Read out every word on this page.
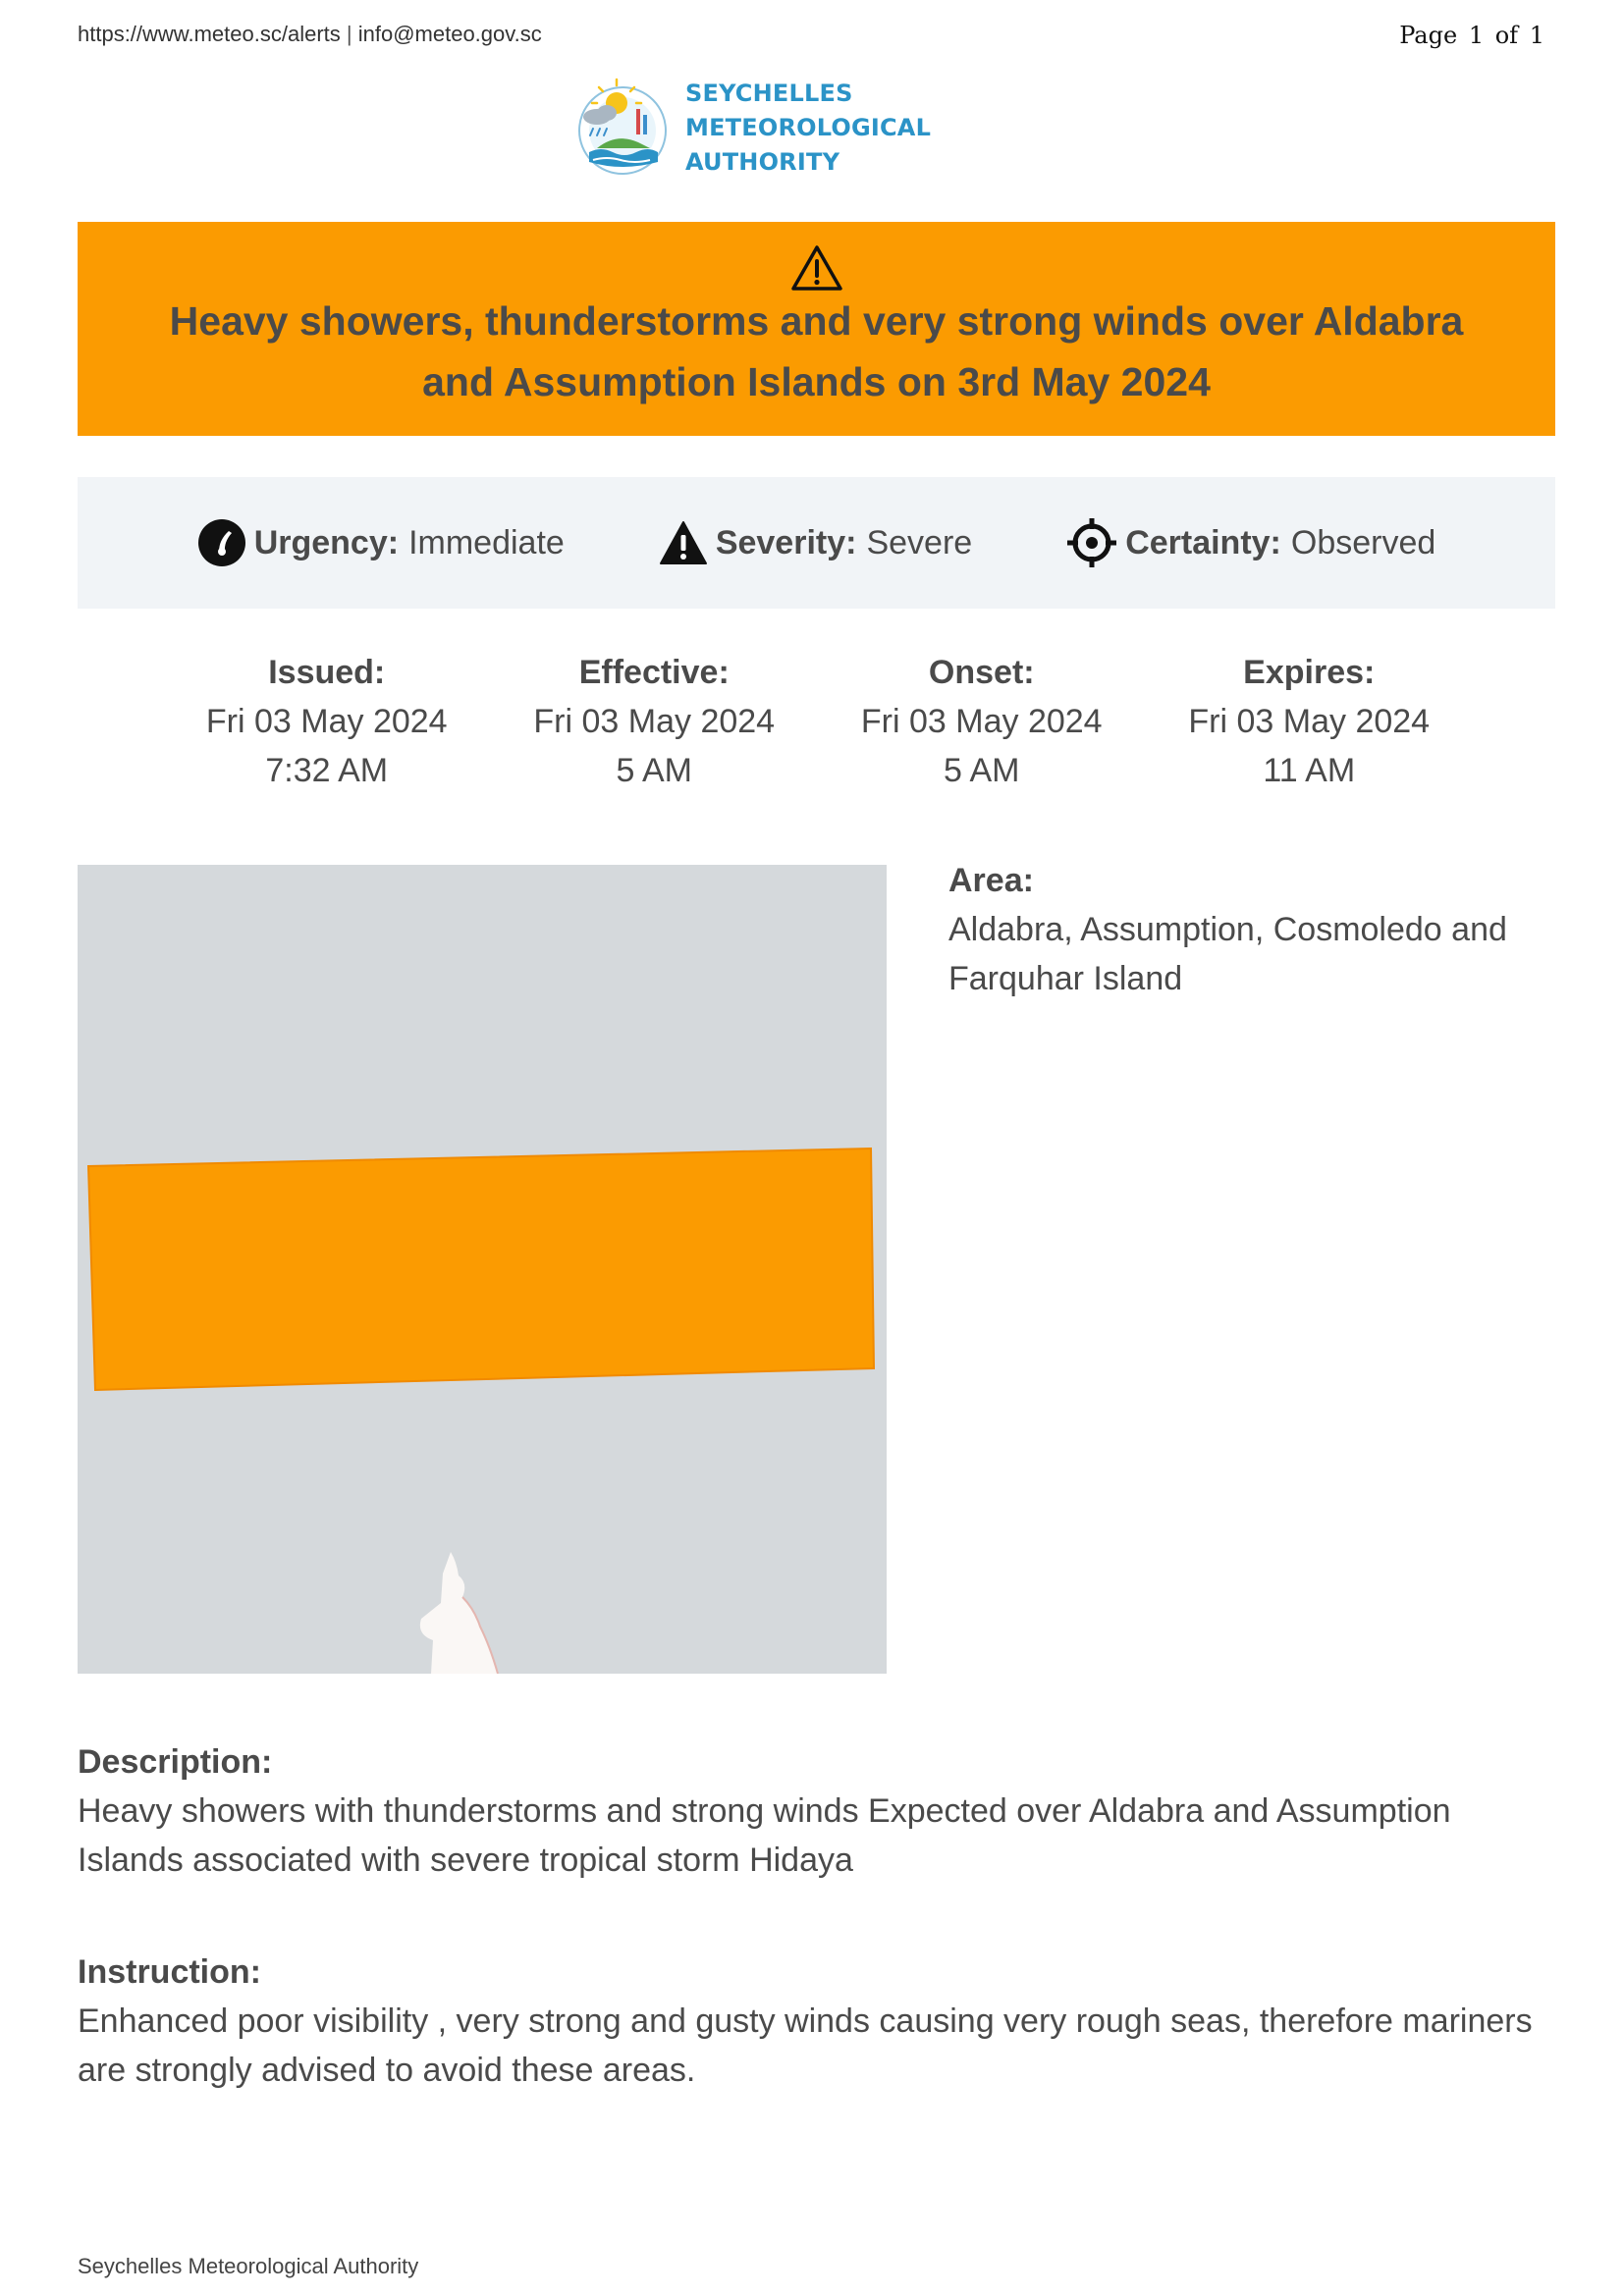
https://www.meteo.sc/alerts | info@meteo.gov.sc	Page 1 of 1
SEYCHELLES METEOROLOGICAL
AUTHORITY
Heavy showers, thunderstorms and very strong winds over Aldabra and Assumption Islands on 3rd May 2024
Urgency: Immediate	Severity: Severe	Certainty: Observed
Issued:
Fri 03 May 2024
7:32 AM
Effective:
Fri 03 May 2024
5 AM
Onset:
Fri 03 May 2024
5 AM
Expires:
Fri 03 May 2024
11 AM
Area:
Aldabra, Assumption, Cosmoledo and Farquhar Island
Description:
Heavy showers with thunderstorms and strong winds Expected over Aldabra and Assumption Islands associated with severe tropical storm Hidaya
Instruction:
Enhanced poor visibility , very strong and gusty winds causing very rough seas, therefore mariners are strongly advised to avoid these areas.
Seychelles Meteorological Authority
